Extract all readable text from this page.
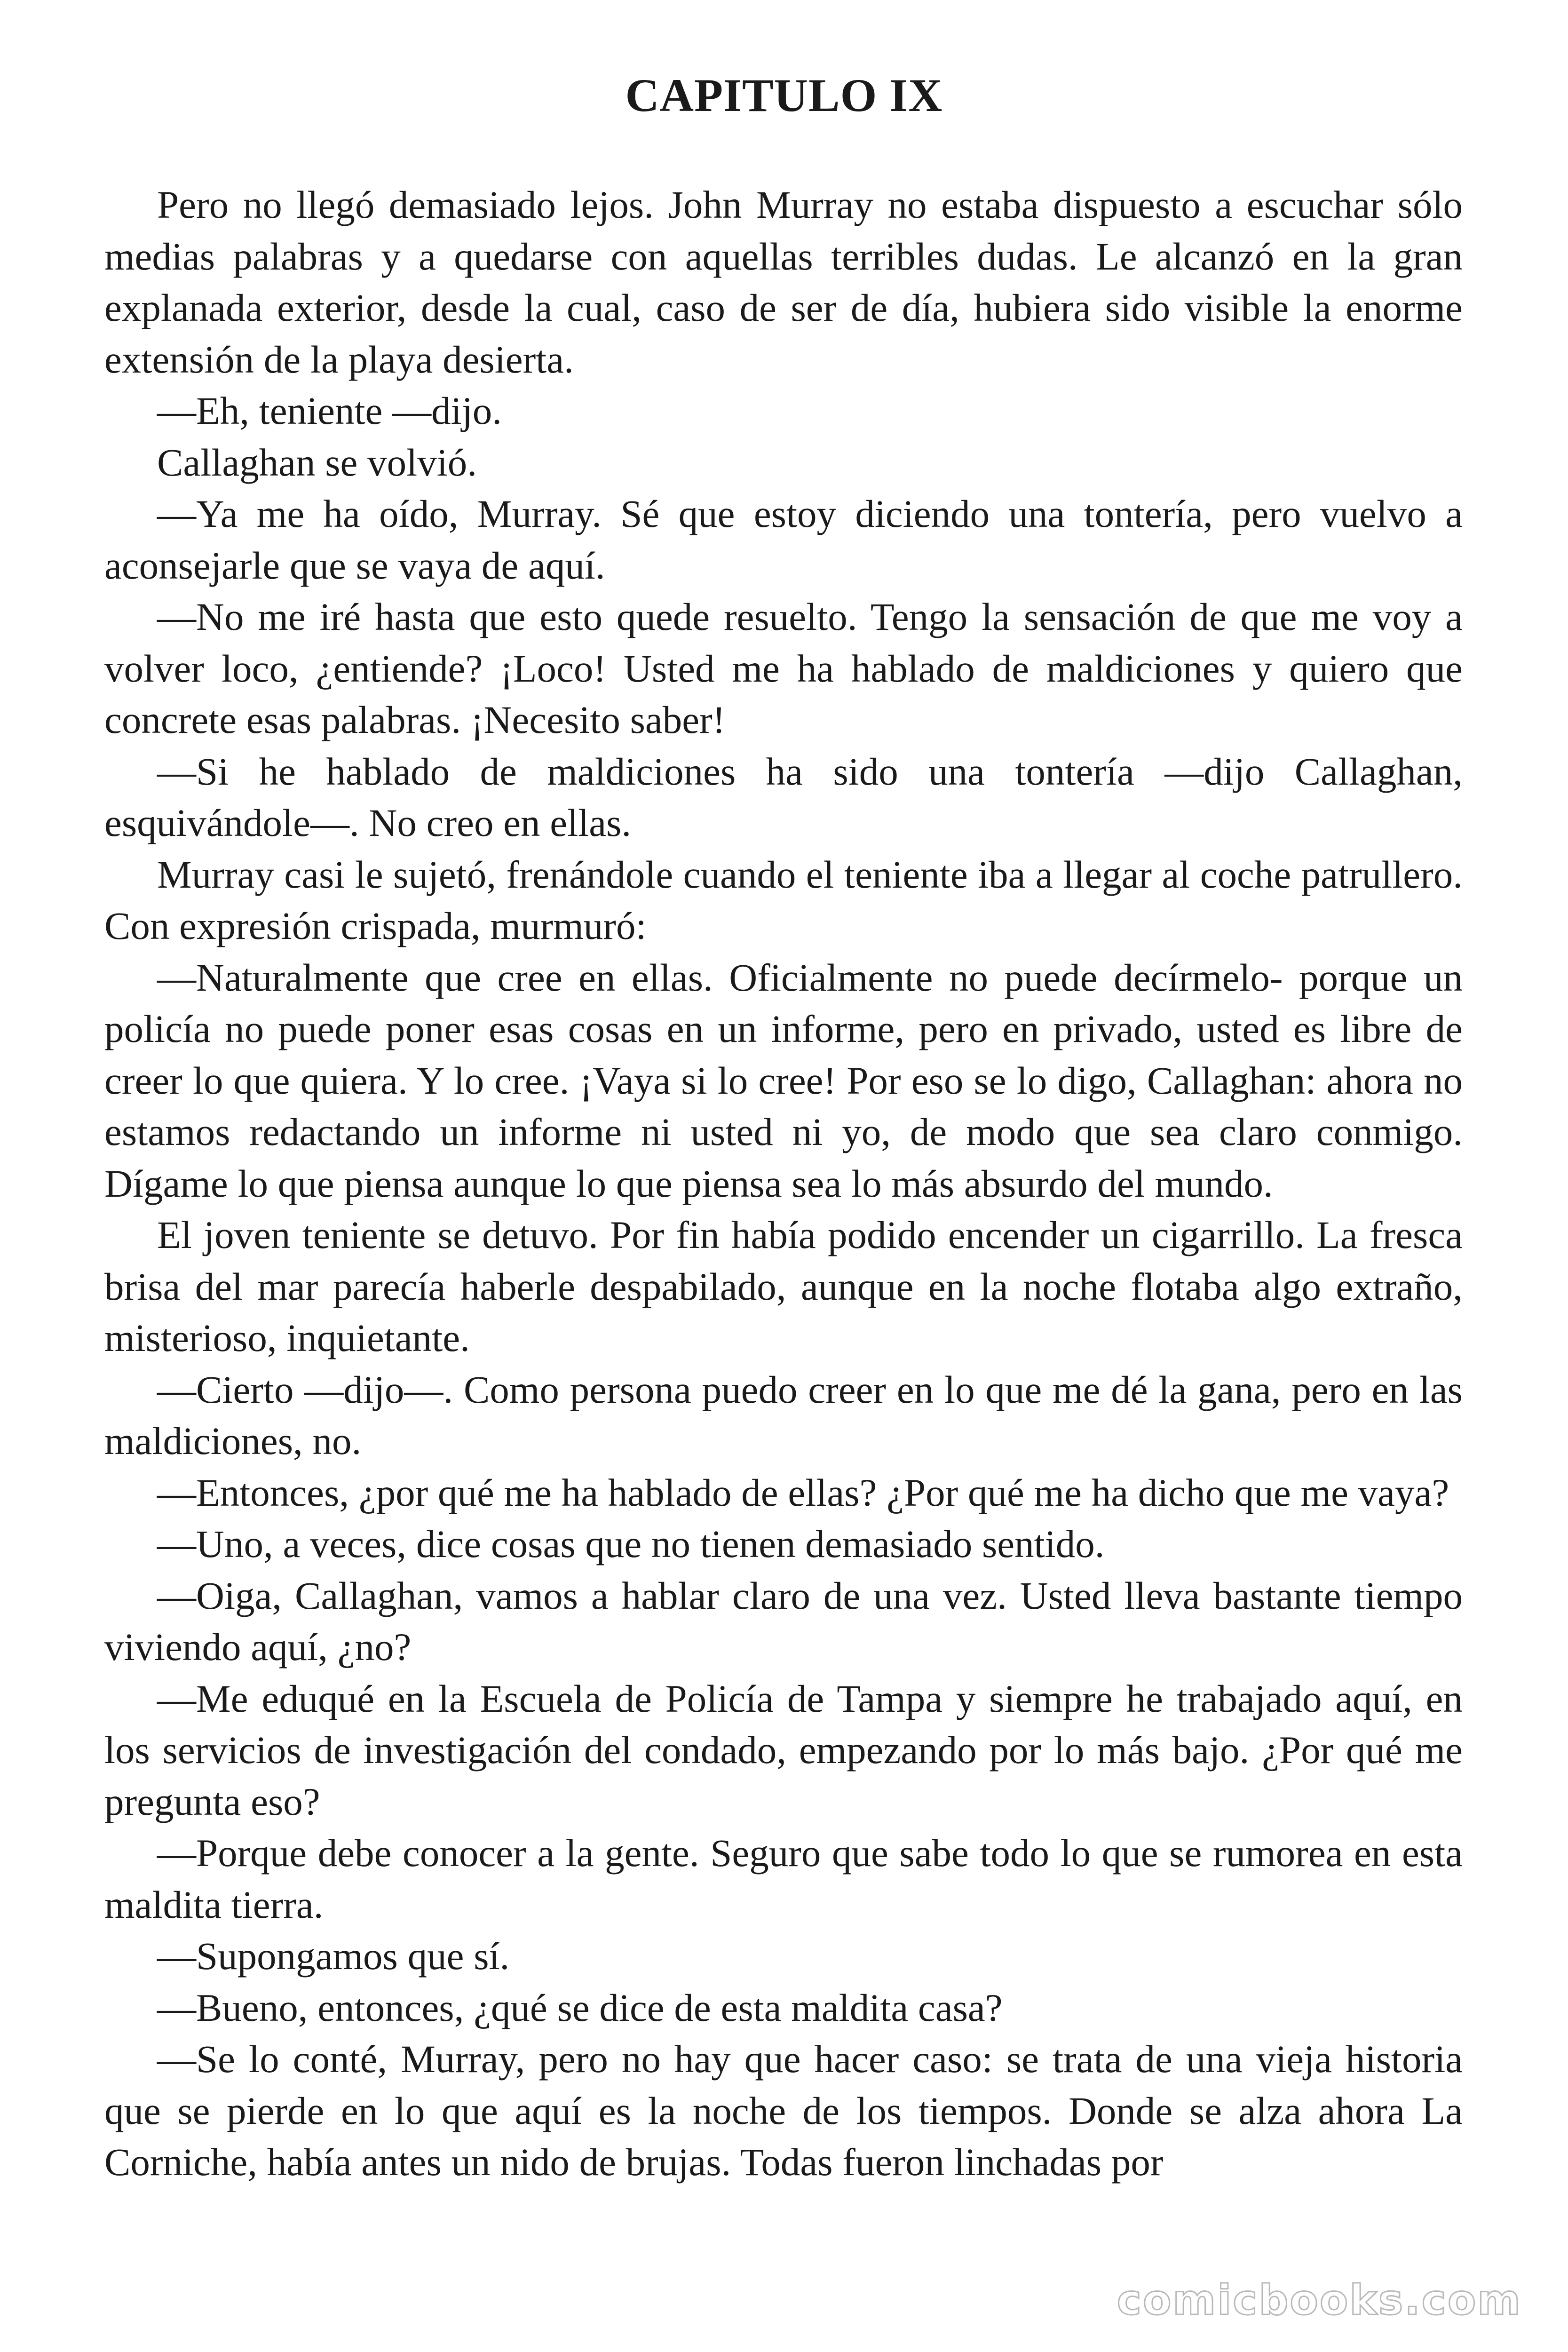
CAPITULO IX

Pero no llegó demasiado lejos. John Murray no estaba dispuesto a escuchar sólo medias palabras y a quedarse con aquellas terribles dudas. Le alcanzó en la gran explanada exterior, desde la cual, caso de ser de día, hubiera sido visible la enorme extensión de la playa desierta.

—Eh, teniente —dijo.

Callaghan se volvió.

—Ya me ha oído, Murray. Sé que estoy diciendo una tontería, pero vuelvo a aconsejarle que se vaya de aquí.

—No me iré hasta que esto quede resuelto. Tengo la sensación de que me voy a volver loco, ¿entiende? ¡Loco! Usted me ha hablado de maldiciones y quiero que concrete esas palabras. ¡Necesito saber!

—Si he hablado de maldiciones ha sido una tontería —dijo Callaghan, esquivándole—. No creo en ellas.

Murray casi le sujetó, frenándole cuando el teniente iba a llegar al coche patrullero. Con expresión crispada, murmuró:

—Naturalmente que cree en ellas. Oficialmente no puede decírmelo- porque un policía no puede poner esas cosas en un informe, pero en privado, usted es libre de creer lo que quiera. Y lo cree. ¡Vaya si lo cree! Por eso se lo digo, Callaghan: ahora no estamos redactando un informe ni usted ni yo, de modo que sea claro conmigo. Dígame lo que piensa aunque lo que piensa sea lo más absurdo del mundo.

El joven teniente se detuvo. Por fin había podido encender un cigarrillo. La fresca brisa del mar parecía haberle despabilado, aunque en la noche flotaba algo extraño, misterioso, inquietante.

—Cierto —dijo—. Como persona puedo creer en lo que me dé la gana, pero en las maldiciones, no.

—Entonces, ¿por qué me ha hablado de ellas? ¿Por qué me ha dicho que me vaya?

—Uno, a veces, dice cosas que no tienen demasiado sentido.

—Oiga, Callaghan, vamos a hablar claro de una vez. Usted lleva bastante tiempo viviendo aquí, ¿no?

—Me eduqué en la Escuela de Policía de Tampa y siempre he trabajado aquí, en los servicios de investigación del condado, empezando por lo más bajo. ¿Por qué me pregunta eso?

—Porque debe conocer a la gente. Seguro que sabe todo lo que se rumorea en esta maldita tierra.

—Supongamos que sí.

—Bueno, entonces, ¿qué se dice de esta maldita casa?

—Se lo conté, Murray, pero no hay que hacer caso: se trata de una vieja historia que se pierde en lo que aquí es la noche de los tiempos. Donde se alza ahora La Corniche, había antes un nido de brujas. Todas fueron linchadas por

comicbooks.com
